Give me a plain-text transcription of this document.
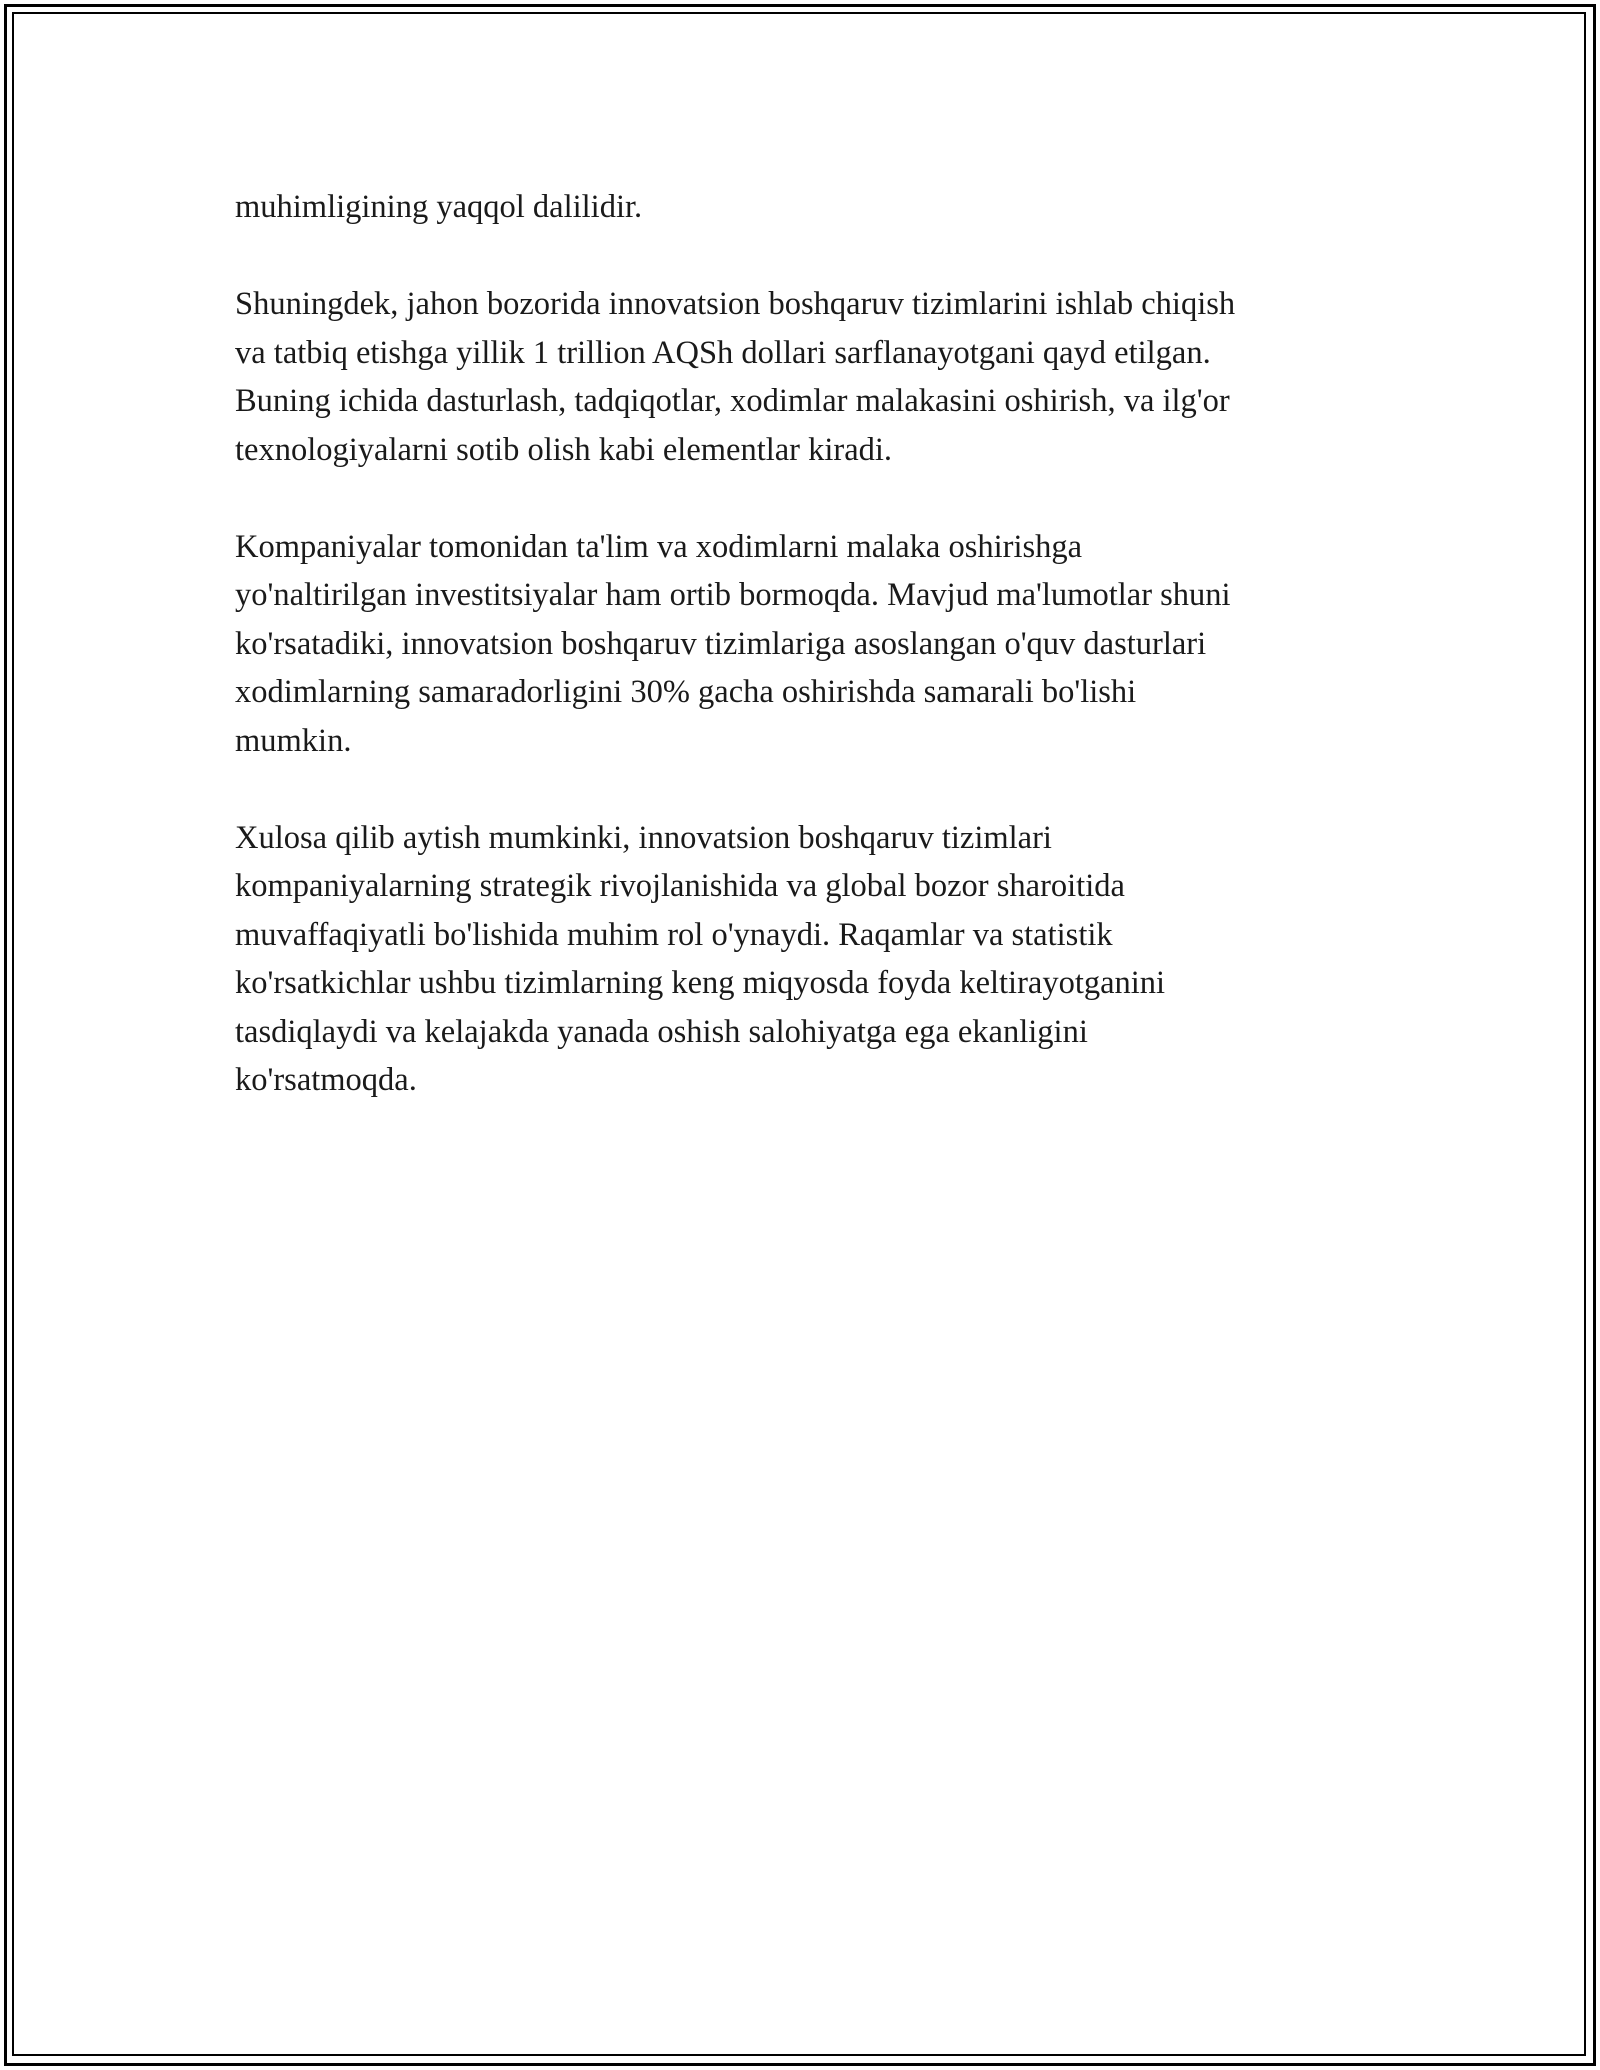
muhimligining yaqqol dalilidir.

Shuningdek, jahon bozorida innovatsion boshqaruv tizimlarini ishlab chiqish
va tatbiq etishga yillik 1 trillion AQSh dollari sarflanayotgani qayd etilgan.
Buning ichida dasturlash, tadqiqotlar, xodimlar malakasini oshirish, va ilg'or
texnologiyalarni sotib olish kabi elementlar kiradi.

Kompaniyalar tomonidan ta'lim va xodimlarni malaka oshirishga
yo'naltirilgan investitsiyalar ham ortib bormoqda. Mavjud ma'lumotlar shuni
ko'rsatadiki, innovatsion boshqaruv tizimlariga asoslangan o'quv dasturlari
xodimlarning samaradorligini 30% gacha oshirishda samarali bo'lishi
mumkin.

Xulosa qilib aytish mumkinki, innovatsion boshqaruv tizimlari
kompaniyalarning strategik rivojlanishida va global bozor sharoitida
muvaffaqiyatli bo'lishida muhim rol o'ynaydi. Raqamlar va statistik
ko'rsatkichlar ushbu tizimlarning keng miqyosda foyda keltirayotganini
tasdiqlaydi va kelajakda yanada oshish salohiyatga ega ekanligini
ko'rsatmoqda.
